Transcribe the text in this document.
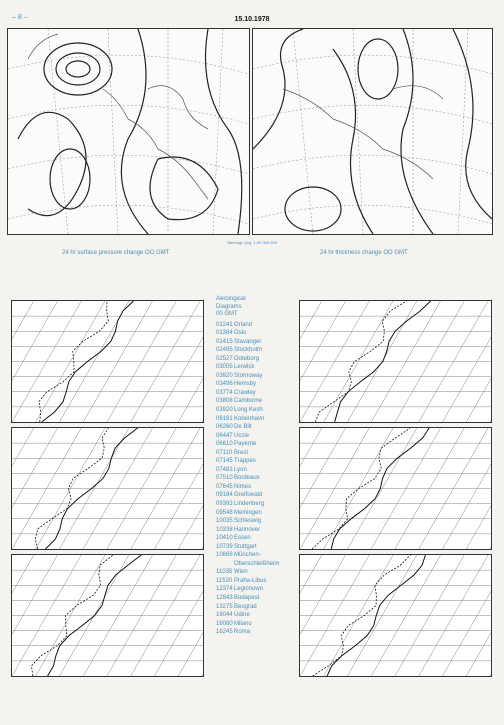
– 8 –	15.10.1978
Stereogr. proj. 1:40 000 000
24 hr surface pressure change OO GMT	24 hr thickness change OO GMT
Aerological
Diagrams
00 GMT
01241 Orland
01384 Oslo
01415 Stavanger
02465 Stockholm
02527 Goteborg
03005 Lerwick
03920 Stornoway
03496 Hemsby
03774 Crawley
03808 Camborne
03920 Long Kesh
06181 Kobenhavn
06260 De Bilt
06447 Uccle
06610 Payerne
07110 Brest
07145 Trappes
07481 Lyon
07510 Bordeaux
07645 Nimes
09184 Greifswald
09393 Lindenberg
09548 Meiningen
10035 Schleswig
10338 Hannover
10410 Essen
10739 Stuttgart
10868 München-
Oberschleißheim
11035 Wien
11520 Praha-Libus
12374 Legionowo
12843 Budapest
13275 Beograd
16044 Udine
16080 Milano
16245 Roma
